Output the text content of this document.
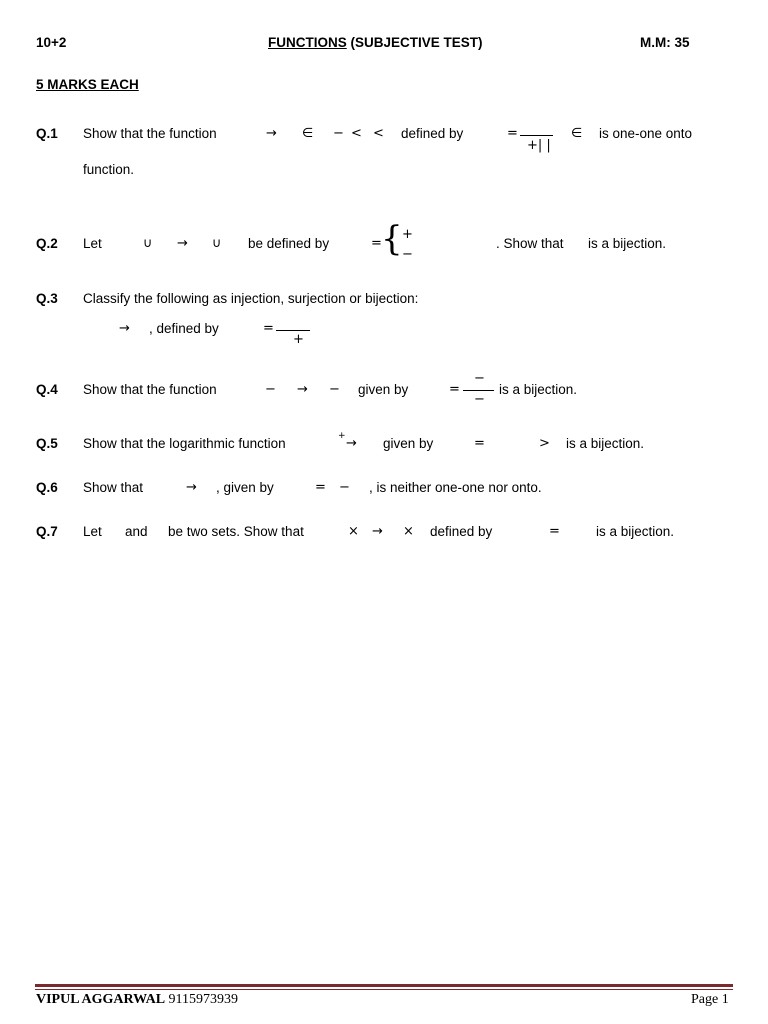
10+2	FUNCTIONS (SUBJECTIVE TEST)	M.M: 35
5 MARKS EACH
Q.1 Show that the function	→ ∈ − < < defined by	=
+| |
∈ is one-one onto
function.
Q.2 Let	∪ → ∪ be defined by	= { +
−
. Show that is a bijection.
Q.3 Classify the following as injection, surjection or bijection:
→ , defined by	=
+
Q.4 Show that the function	− → − given by	=
−
−
is a bijection.
Q.5 Show that the logarithmic function	+ → given by	=	> is a bijection.
Q.6 Show that	→ , given by	= − , is neither one-one nor onto.
Q.7 Let and be two sets. Show that	× → × defined by	=	is a bijection.
VIPUL AGGARWAL 9115973939	Page 1
